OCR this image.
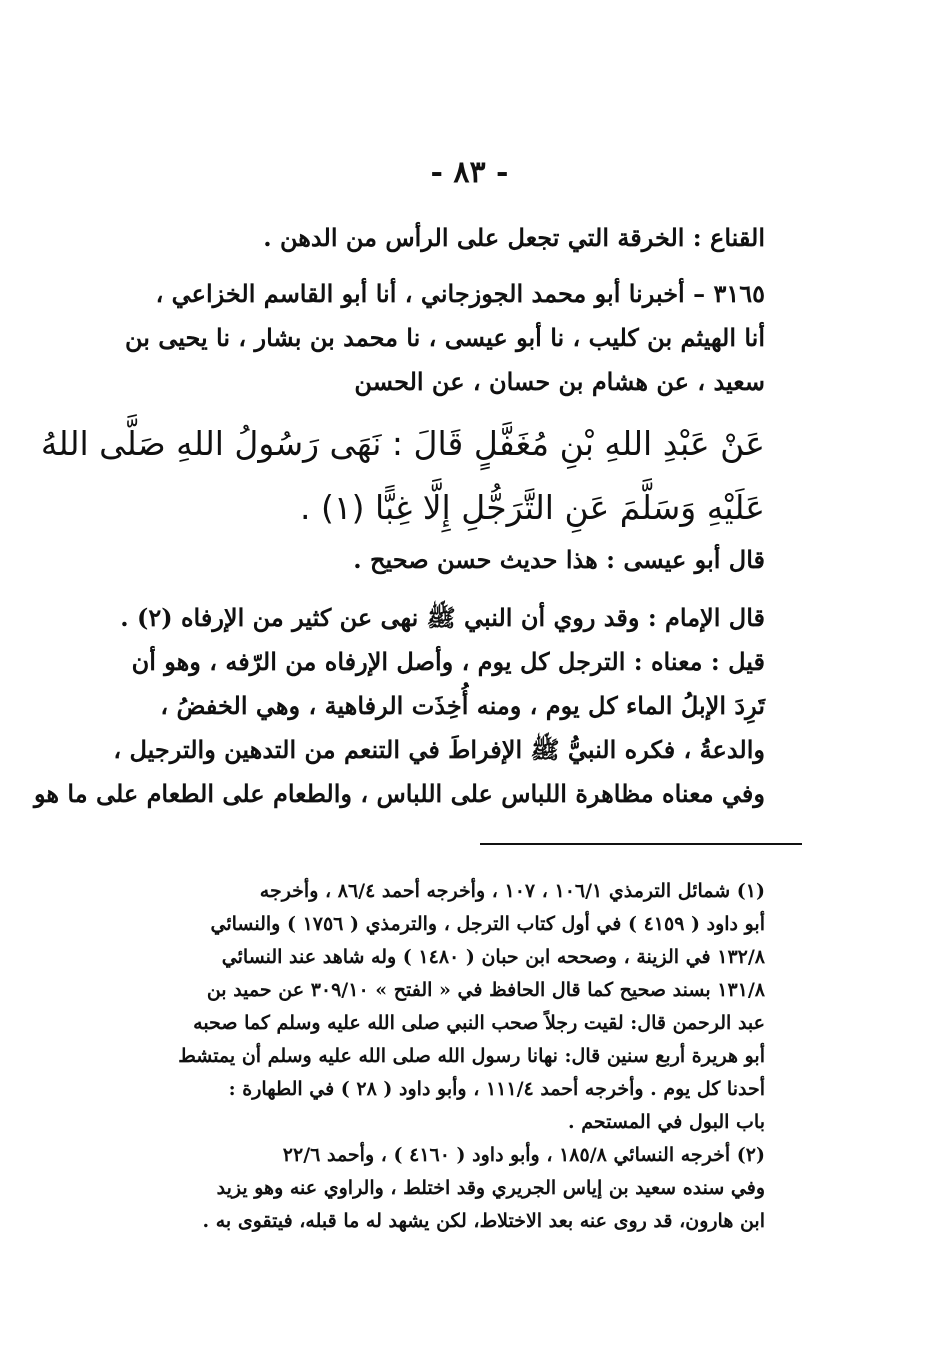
- ٨٣ -
القناع : الخرقة التي تجعل على الرأس من الدهن .
٣١٦٥ – أخبرنا أبو محمد الجوزجاني ، أنا أبو القاسم الخزاعي ،
أنا الهيثم بن كليب ، نا أبو عيسى ، نا محمد بن بشار ، نا يحيى بن
سعيد ، عن هشام بن حسان ، عن الحسن
عَنْ عَبْدِ اللهِ بْنِ مُغَفَّلٍ قَالَ : نَهَى رَسُولُ اللهِ صَلَّى اللهُ
عَلَيْهِ وَسَلَّمَ عَنِ التَّرَجُّلِ إِلَّا غِبًّا (١) .
قال أبو عيسى : هذا حديث حسن صحيح .
قال الإمام : وقد روي أن النبي ﷺ نهى عن كثير من الإرفاه (٢) .
قيل : معناه : الترجل كل يوم ، وأصل الإرفاه من الرّفه ، وهو أن
تَرِدَ الإبلُ الماء كل يوم ، ومنه أُخِذَت الرفاهية ، وهي الخفضُ ،
والدعةُ ، فكره النبيُّ ﷺ الإفراطَ في التنعم من التدهين والترجيل ،
وفي معناه مظاهرة اللباس على اللباس ، والطعام على الطعام على ما هو
(١) شمائل الترمذي ١٠٦/١ ، ١٠٧ ، وأخرجه أحمد ٨٦/٤ ، وأخرجه
أبو داود ( ٤١٥٩ ) في أول كتاب الترجل ، والترمذي ( ١٧٥٦ ) والنسائي
١٣٢/٨ في الزينة ، وصححه ابن حبان ( ١٤٨٠ ) وله شاهد عند النسائي
١٣١/٨ بسند صحيح كما قال الحافظ في « الفتح » ٣٠٩/١٠ عن حميد بن
عبد الرحمن قال: لقيت رجلاً صحب النبي صلى الله عليه وسلم كما صحبه
أبو هريرة أربع سنين قال: نهانا رسول الله صلى الله عليه وسلم أن يمتشط
أحدنا كل يوم . وأخرجه أحمد ١١١/٤ ، وأبو داود ( ٢٨ ) في الطهارة :
باب البول في المستحم .
(٢) أخرجه النسائي ١٨٥/٨ ، وأبو داود ( ٤١٦٠ ) ، وأحمد ٢٢/٦
وفي سنده سعيد بن إياس الجريري وقد اختلط ، والراوي عنه وهو يزيد
ابن هارون، قد روى عنه بعد الاختلاط، لكن يشهد له ما قبله، فيتقوى به .
